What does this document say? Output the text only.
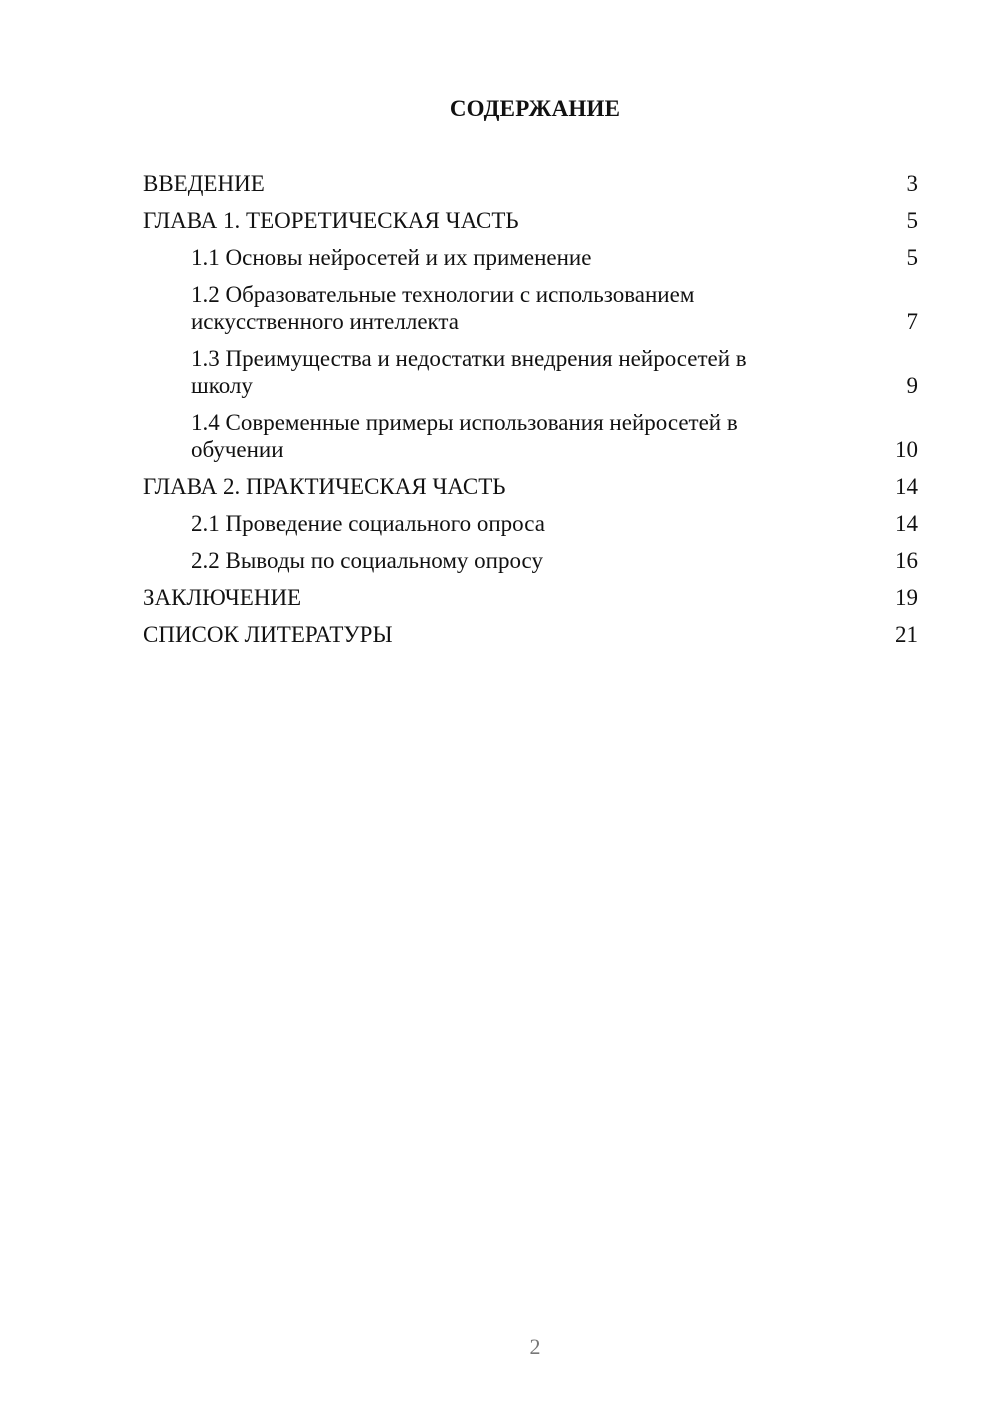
СОДЕРЖАНИЕ
ВВЕДЕНИЕ	3
ГЛАВА 1. ТЕОРЕТИЧЕСКАЯ ЧАСТЬ	5
1.1 Основы нейросетей и их применение	5
1.2 Образовательные технологии с использованием искусственного интеллекта	7
1.3 Преимущества и недостатки внедрения нейросетей в школу	9
1.4 Современные примеры использования нейросетей в обучении	10
ГЛАВА 2. ПРАКТИЧЕСКАЯ ЧАСТЬ	14
2.1 Проведение социального опроса	14
2.2 Выводы по социальному опросу	16
ЗАКЛЮЧЕНИЕ	19
СПИСОК ЛИТЕРАТУРЫ	21
2
